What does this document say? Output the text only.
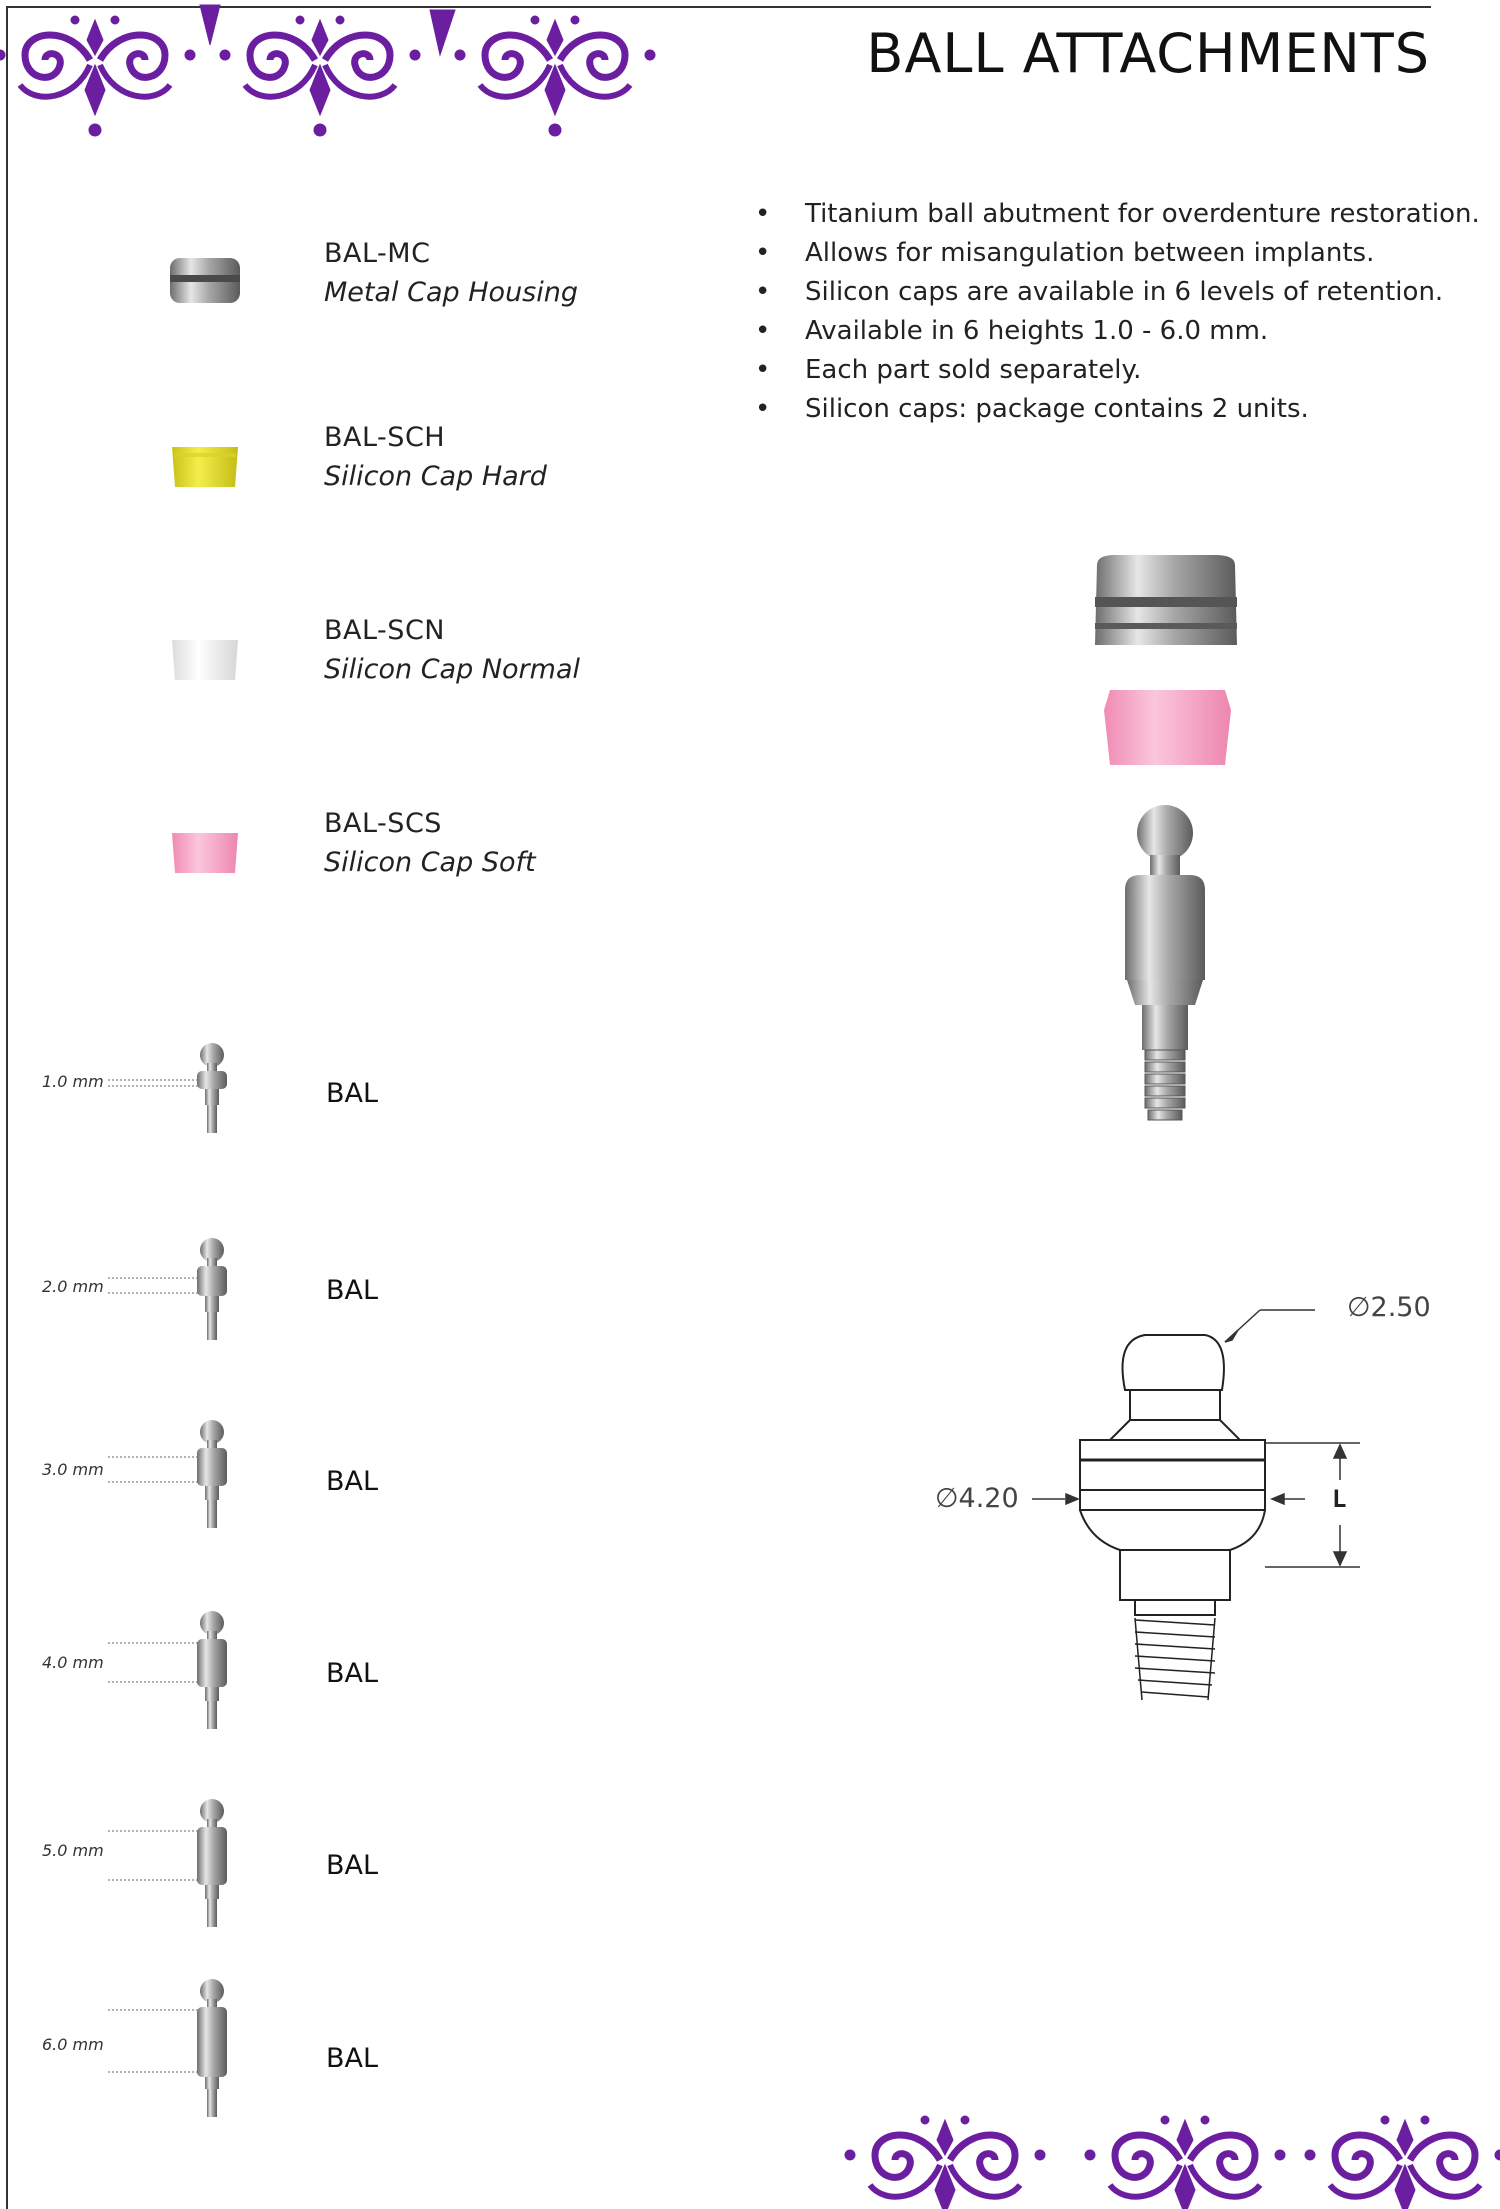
BALL ATTACHMENTS
• Titanium ball abutment for overdenture restoration.
• Allows for misangulation between implants.
• Silicon caps are available in 6 levels of retention.
• Available in 6 heights 1.0 - 6.0 mm.
• Each part sold separately.
• Silicon caps: package contains 2 units.
BAL-MC
Metal Cap Housing
BAL-SCH
Silicon Cap Hard
BAL-SCN
Silicon Cap Normal
BAL-SCS
Silicon Cap Soft
1.0 mm	BAL
2.0 mm	BAL
3.0 mm	BAL
4.0 mm	BAL
5.0 mm	BAL
6.0 mm	BAL
∅2.50
∅4.20	L
